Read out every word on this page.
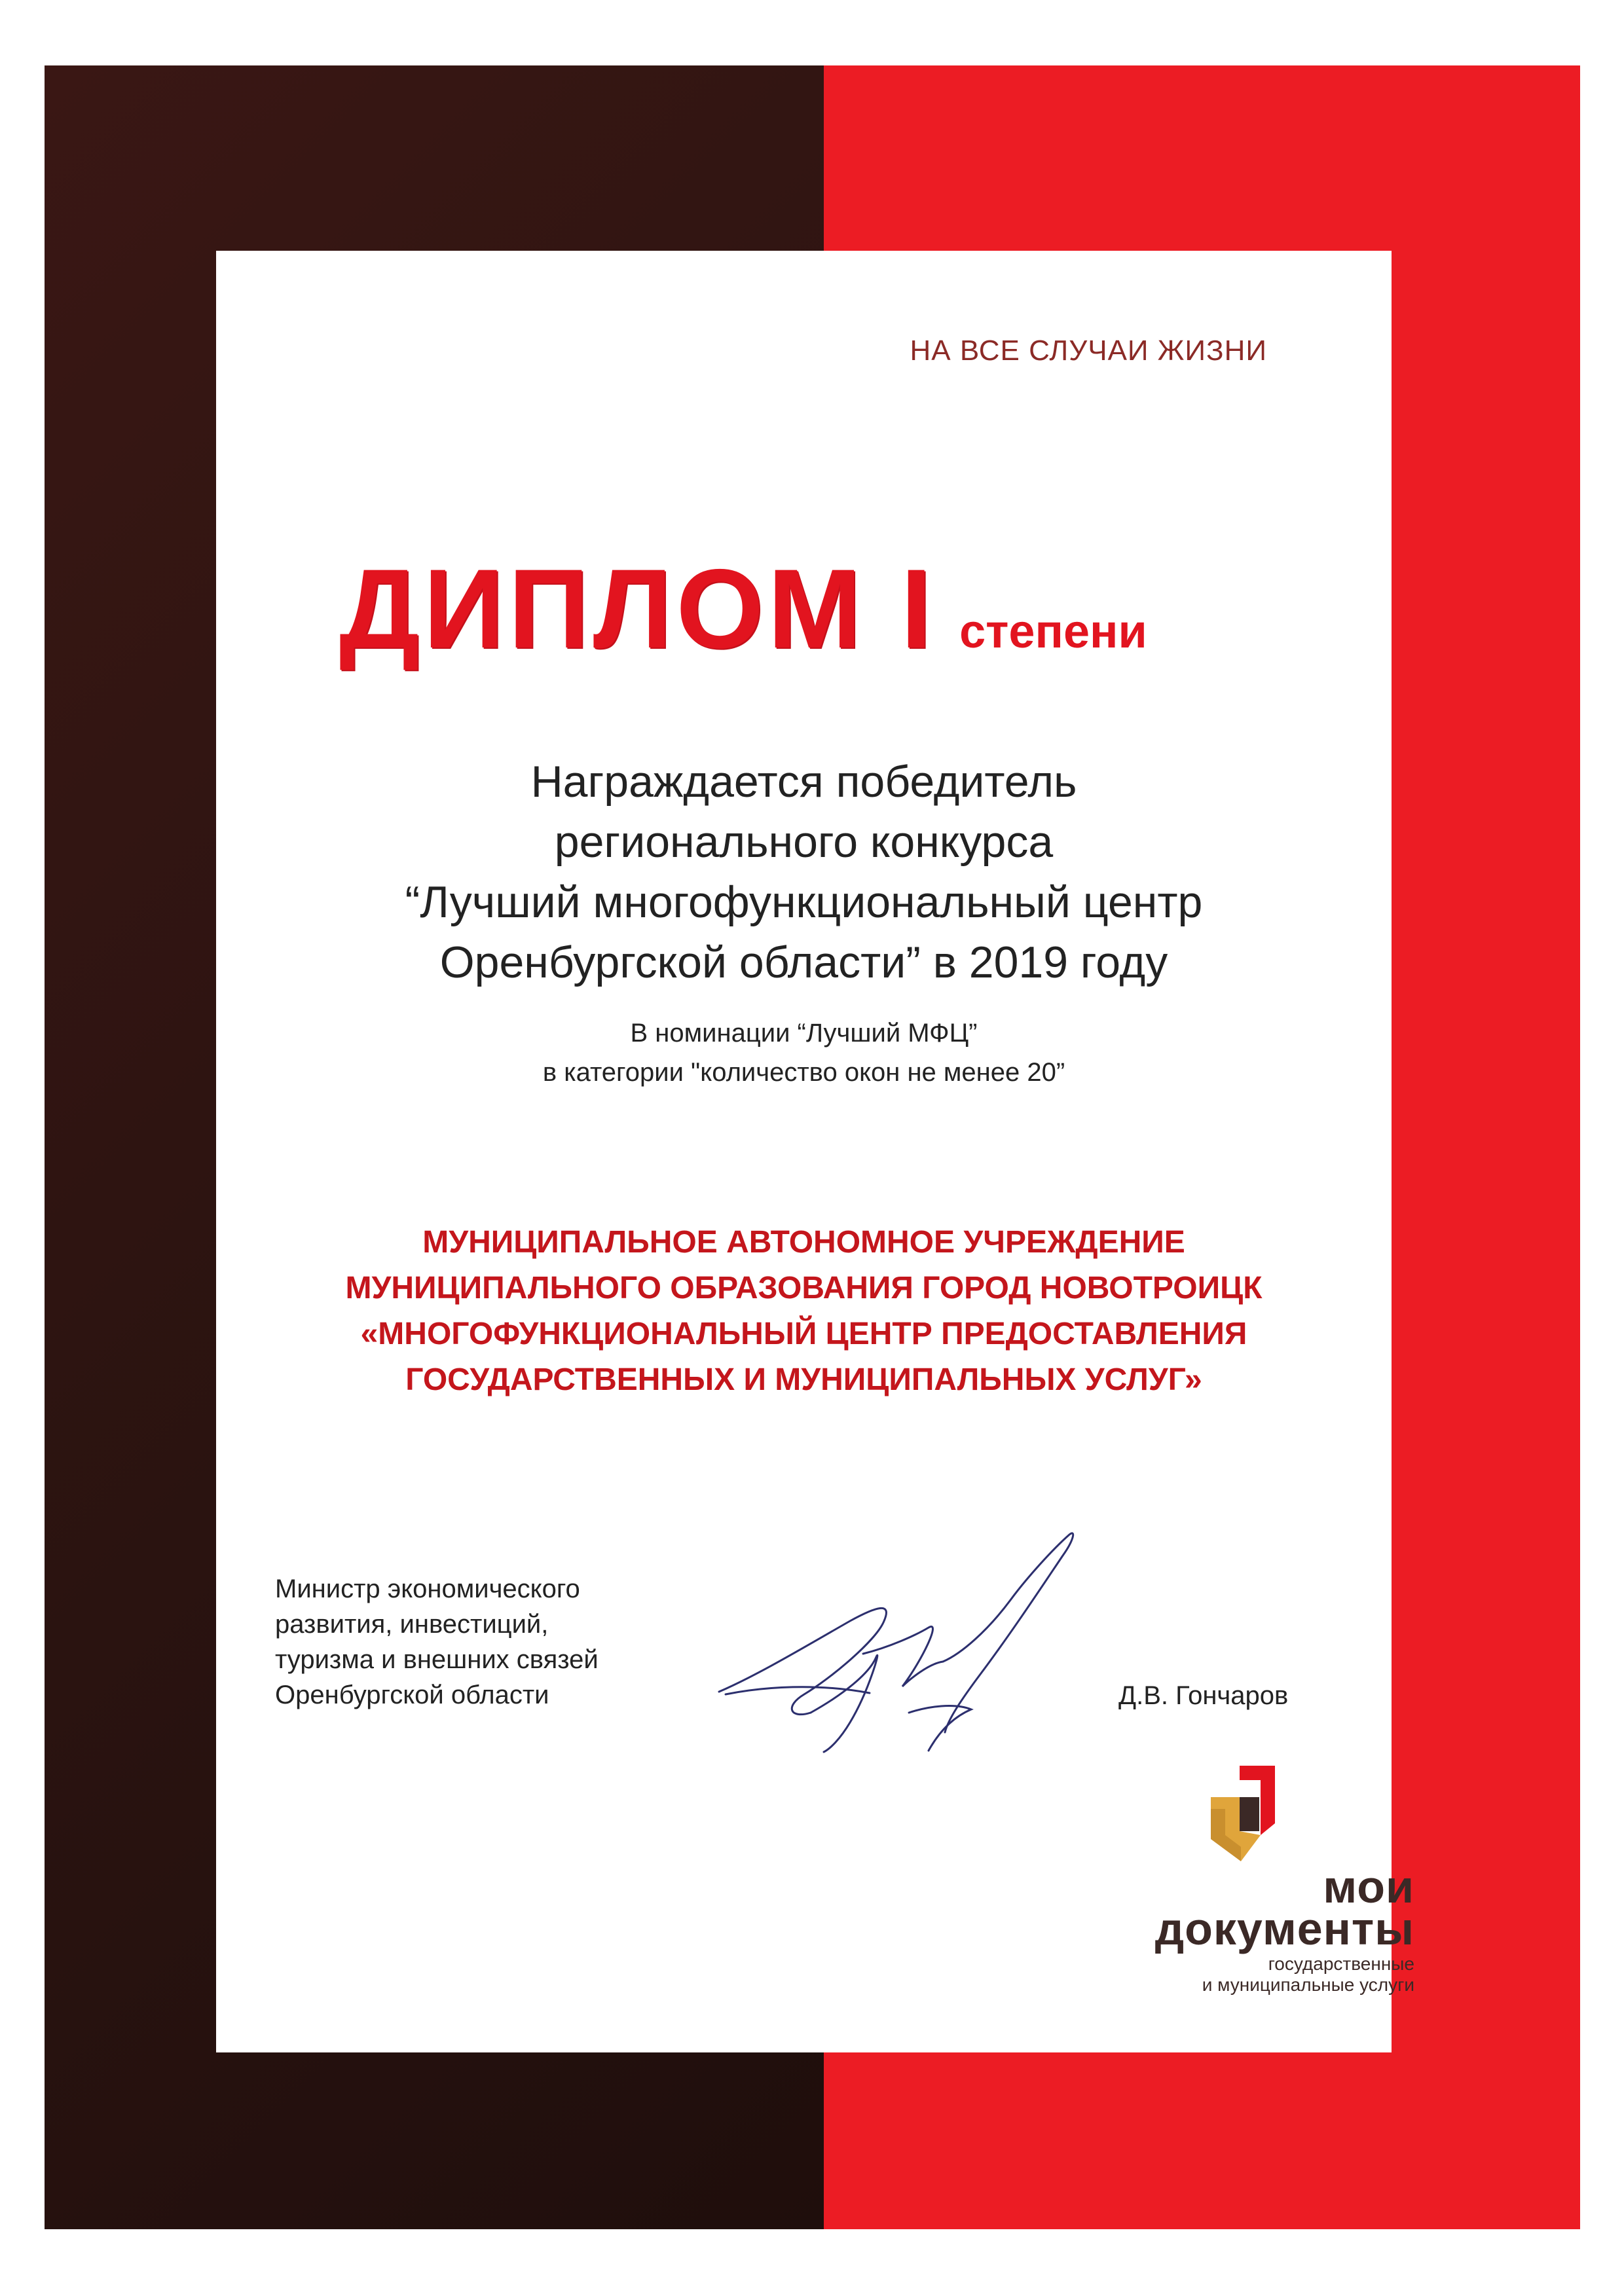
НА ВСЕ СЛУЧАИ ЖИЗНИ
ДИПЛОМ I степени
Награждается победитель
регионального конкурса
“Лучший многофункциональный центр
Оренбургской области” в 2019 году
В номинации “Лучший МФЦ”
в категории "количество окон не менее 20”
МУНИЦИПАЛЬНОЕ АВТОНОМНОЕ УЧРЕЖДЕНИЕ
МУНИЦИПАЛЬНОГО ОБРАЗОВАНИЯ ГОРОД НОВОТРОИЦК
«МНОГОФУНКЦИОНАЛЬНЫЙ ЦЕНТР ПРЕДОСТАВЛЕНИЯ
ГОСУДАРСТВЕННЫХ И МУНИЦИПАЛЬНЫХ УСЛУГ»
Министр экономического
развития, инвестиций,
туризма и внешних связей
Оренбургской области	Д.В. Гончаров
мои
документы
государственные
и муниципальные услуги
